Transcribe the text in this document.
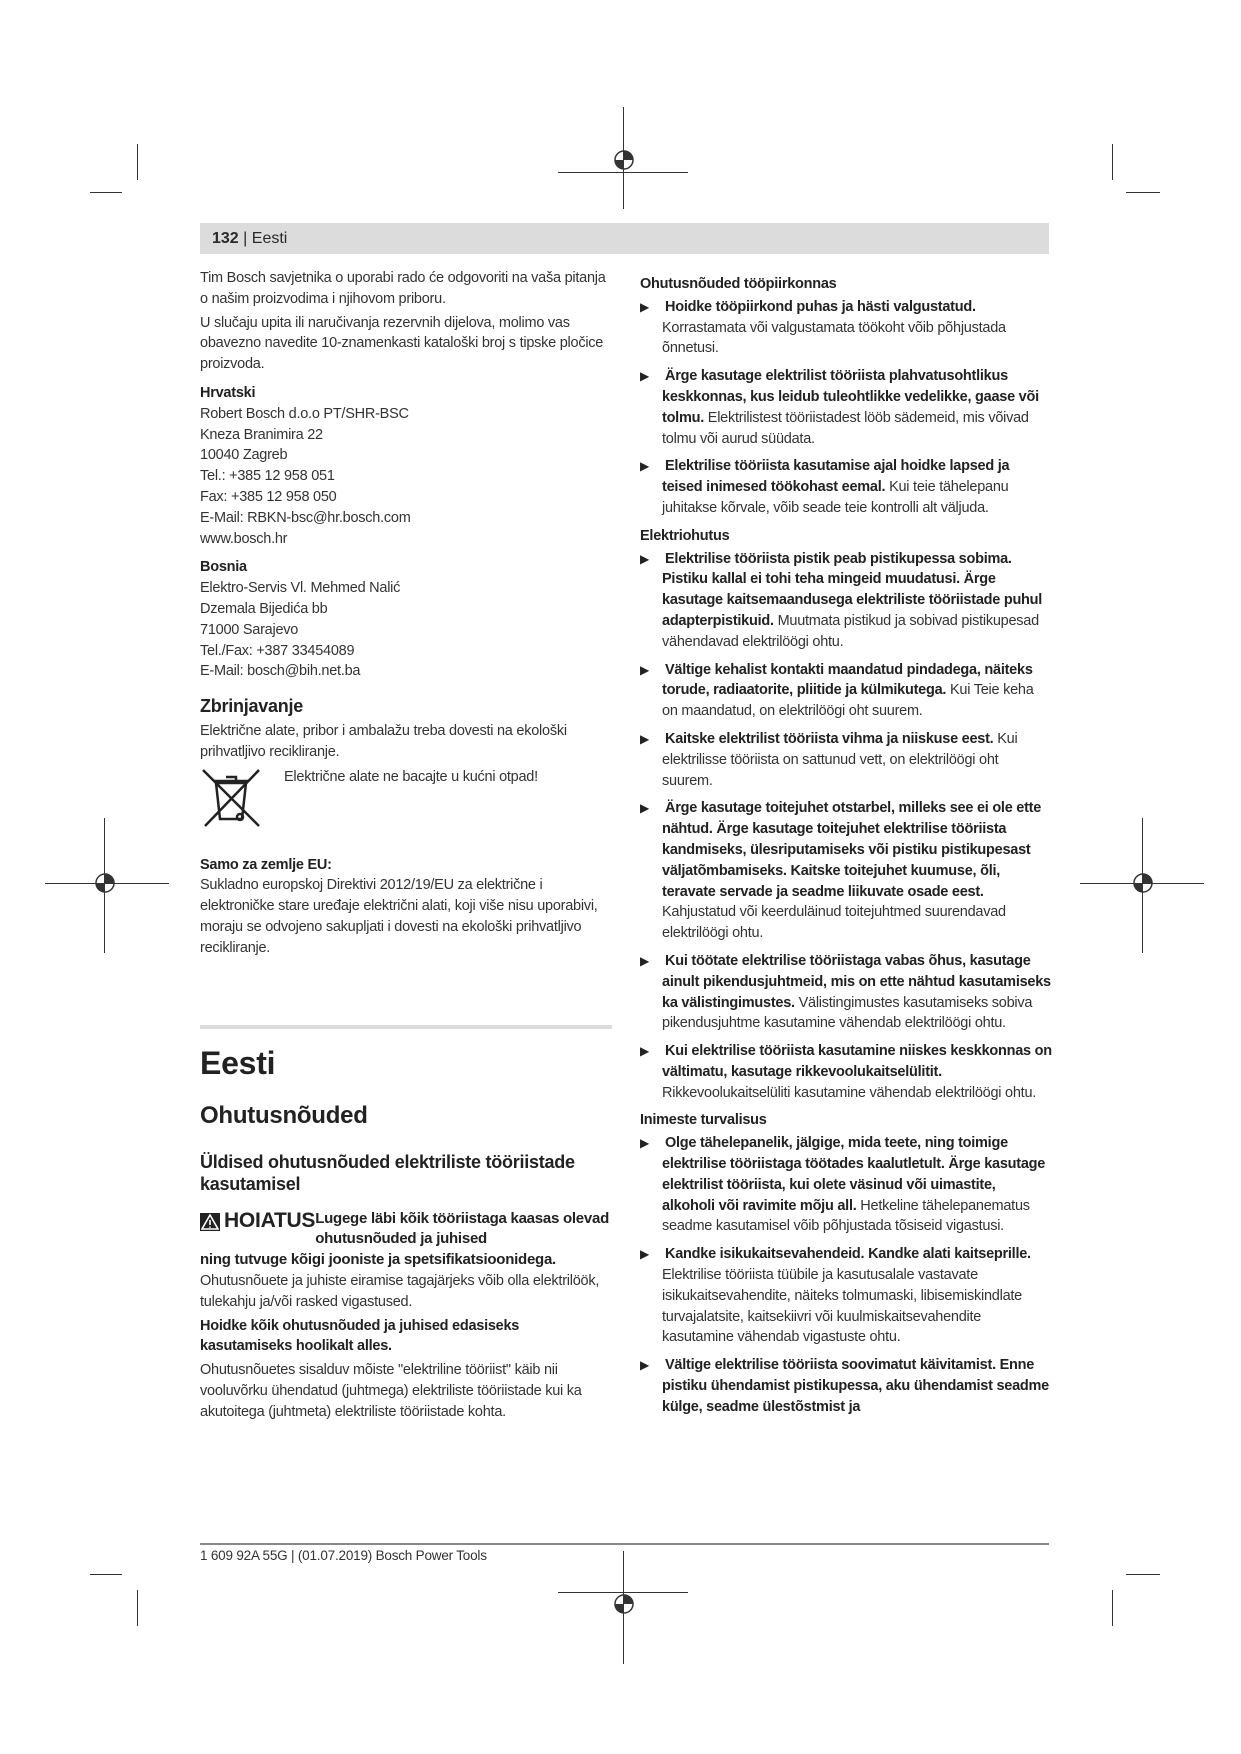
132 | Eesti

Tim Bosch savjetnika o uporabi rado će odgovoriti na vaša pitanja o našim proizvodima i njihovom priboru.

U slučaju upita ili naručivanja rezervnih dijelova, molimo vas obavezno navedite 10-znamenkasti kataloški broj s tipske pločice proizvoda.

Hrvatski
Robert Bosch d.o.o PT/SHR-BSC
Kneza Branimira 22
10040 Zagreb
Tel.: +385 12 958 051
Fax: +385 12 958 050
E-Mail: RBKN-bsc@hr.bosch.com
www.bosch.hr
Bosnia
Elektro-Servis Vl. Mehmed Nalić
Dzemala Bijedića bb
71000 Sarajevo
Tel./Fax: +387 33454089
E-Mail: bosch@bih.net.ba
Zbrinjavanje

Električne alate, pribor i ambalažu treba dovesti na ekološki prihvatljivo recikliranje.

Električne alate ne bacajte u kućni otpad!
Samo za zemlje EU:

Sukladno europskoj Direktivi 2012/19/EU za električne i elektroničke stare uređaje električni alati, koji više nisu uporabivi, moraju se odvojeno sakupljati i dovesti na ekološki prihvatljivo recikliranje.

Eesti
Ohutusnõuded
Üldised ohutusnõuded elektriliste tööriistade kasutamisel
HOIATUS Lugege läbi kõik tööriistaga kaasas olevad ohutusnõuded ja juhised
ning tutvuge kõigi jooniste ja spetsifikatsioonidega.

Ohutusnõuete ja juhiste eiramise tagajärjeks võib olla elektrilöök, tulekahju ja/või rasked vigastused.

Hoidke kõik ohutusnõuded ja juhised edasiseks kasutamiseks hoolikalt alles.

Ohutusnõuetes sisalduv mõiste "elektriline tööriist" käib nii vooluvõrku ühendatud (juhtmega) elektriliste tööriistade kui ka akutoitega (juhtmeta) elektriliste tööriistade kohta.

Ohutusnõuded tööpiirkonnas
▶ Hoidke tööpiirkond puhas ja hästi valgustatud. Korrastamata või valgustamata töökoht võib põhjustada õnnetusi.
▶ Ärge kasutage elektrilist tööriista plahvatusohtlikus keskkonnas, kus leidub tuleohtlikke vedelikke, gaase või tolmu. Elektrilistest tööriistadest lööb sädemeid, mis võivad tolmu või aurud süüdata.
▶ Elektrilise tööriista kasutamise ajal hoidke lapsed ja teised inimesed töökohast eemal. Kui teie tähelepanu juhitakse kõrvale, võib seade teie kontrolli alt väljuda.
Elektriohutus
▶ Elektrilise tööriista pistik peab pistikupessa sobima. Pistiku kallal ei tohi teha mingeid muudatusi. Ärge kasutage kaitsemaandusega elektriliste tööriistade puhul adapterpistikuid. Muutmata pistikud ja sobivad pistikupesad vähendavad elektrilöögi ohtu.
▶ Vältige kehalist kontakti maandatud pindadega, näiteks torude, radiaatorite, pliitide ja külmikutega. Kui Teie keha on maandatud, on elektrilöögi oht suurem.
▶ Kaitske elektrilist tööriista vihma ja niiskuse eest. Kui elektrilisse tööriista on sattunud vett, on elektrilöögi oht suurem.
▶ Ärge kasutage toitejuhet otstarbel, milleks see ei ole ette nähtud. Ärge kasutage toitejuhet elektrilise tööriista kandmiseks, ülesriputamiseks või pistiku pistikupesast väljatõmbamiseks. Kaitske toitejuhet kuumuse, õli, teravate servade ja seadme liikuvate osade eest. Kahjustatud või keerduläinud toitejuhtmed suurendavad elektrilöögi ohtu.
▶ Kui töötate elektrilise tööriistaga vabas õhus, kasutage ainult pikendusjuhtmeid, mis on ette nähtud kasutamiseks ka välistingimustes. Välistingimustes kasutamiseks sobiva pikendusjuhtme kasutamine vähendab elektrilöögi ohtu.
▶ Kui elektrilise tööriista kasutamine niiskes keskkonnas on vältimatu, kasutage rikkevoolukaitselülitit. Rikkevoolukaitselüliti kasutamine vähendab elektrilöögi ohtu.
Inimeste turvalisus
▶ Olge tähelepanelik, jälgige, mida teete, ning toimige elektrilise tööriistaga töötades kaalutletult. Ärge kasutage elektrilist tööriista, kui olete väsinud või uimastite, alkoholi või ravimite mõju all. Hetkeline tähelepanematus seadme kasutamisel võib põhjustada tõsiseid vigastusi.
▶ Kandke isikukaitsevahendeid. Kandke alati kaitseprille. Elektrilise tööriista tüübile ja kasutusalale vastavate isikukaitsevahendite, näiteks tolmumaski, libisemiskindlate turvajalatsite, kaitsekiivri või kuulmiskaitsevahendite kasutamine vähendab vigastuste ohtu.
▶ Vältige elektrilise tööriista soovimatut käivitamist. Enne pistiku ühendamist pistikupessa, aku ühendamist seadme külge, seadme ülestõstmist ja
1 609 92A 55G | (01.07.2019) Bosch Power Tools
